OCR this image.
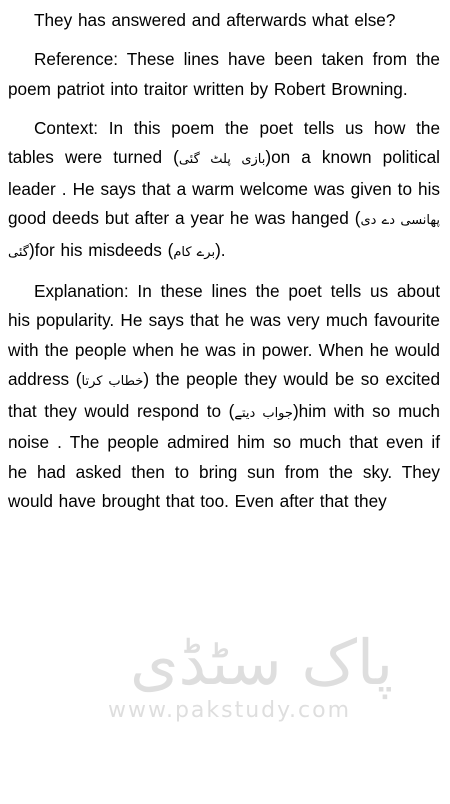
They has answered and afterwards what else?

Reference: These lines have been taken from the poem patriot into traitor written by Robert Browning.

Context: In this poem the poet tells us how the tables were turned (بازی پلٹ گئی)on a known political leader . He says that a warm welcome was given to his good deeds but after a year he was hanged (پھانسی دے دی گئی)for his misdeeds (برے کام).

Explanation: In these lines the poet tells us about his popularity. He says that he was very much favourite with the people when he was in power. When he would address (خطاب کرتا) the people they would be so excited that they would respond to (جواب دیتے)him with so much noise . The people admired him so much that even if he had asked then to bring sun from the sky. They would have brought that too. Even after that they

پاک سٹڈی
www.pakstudy.com
